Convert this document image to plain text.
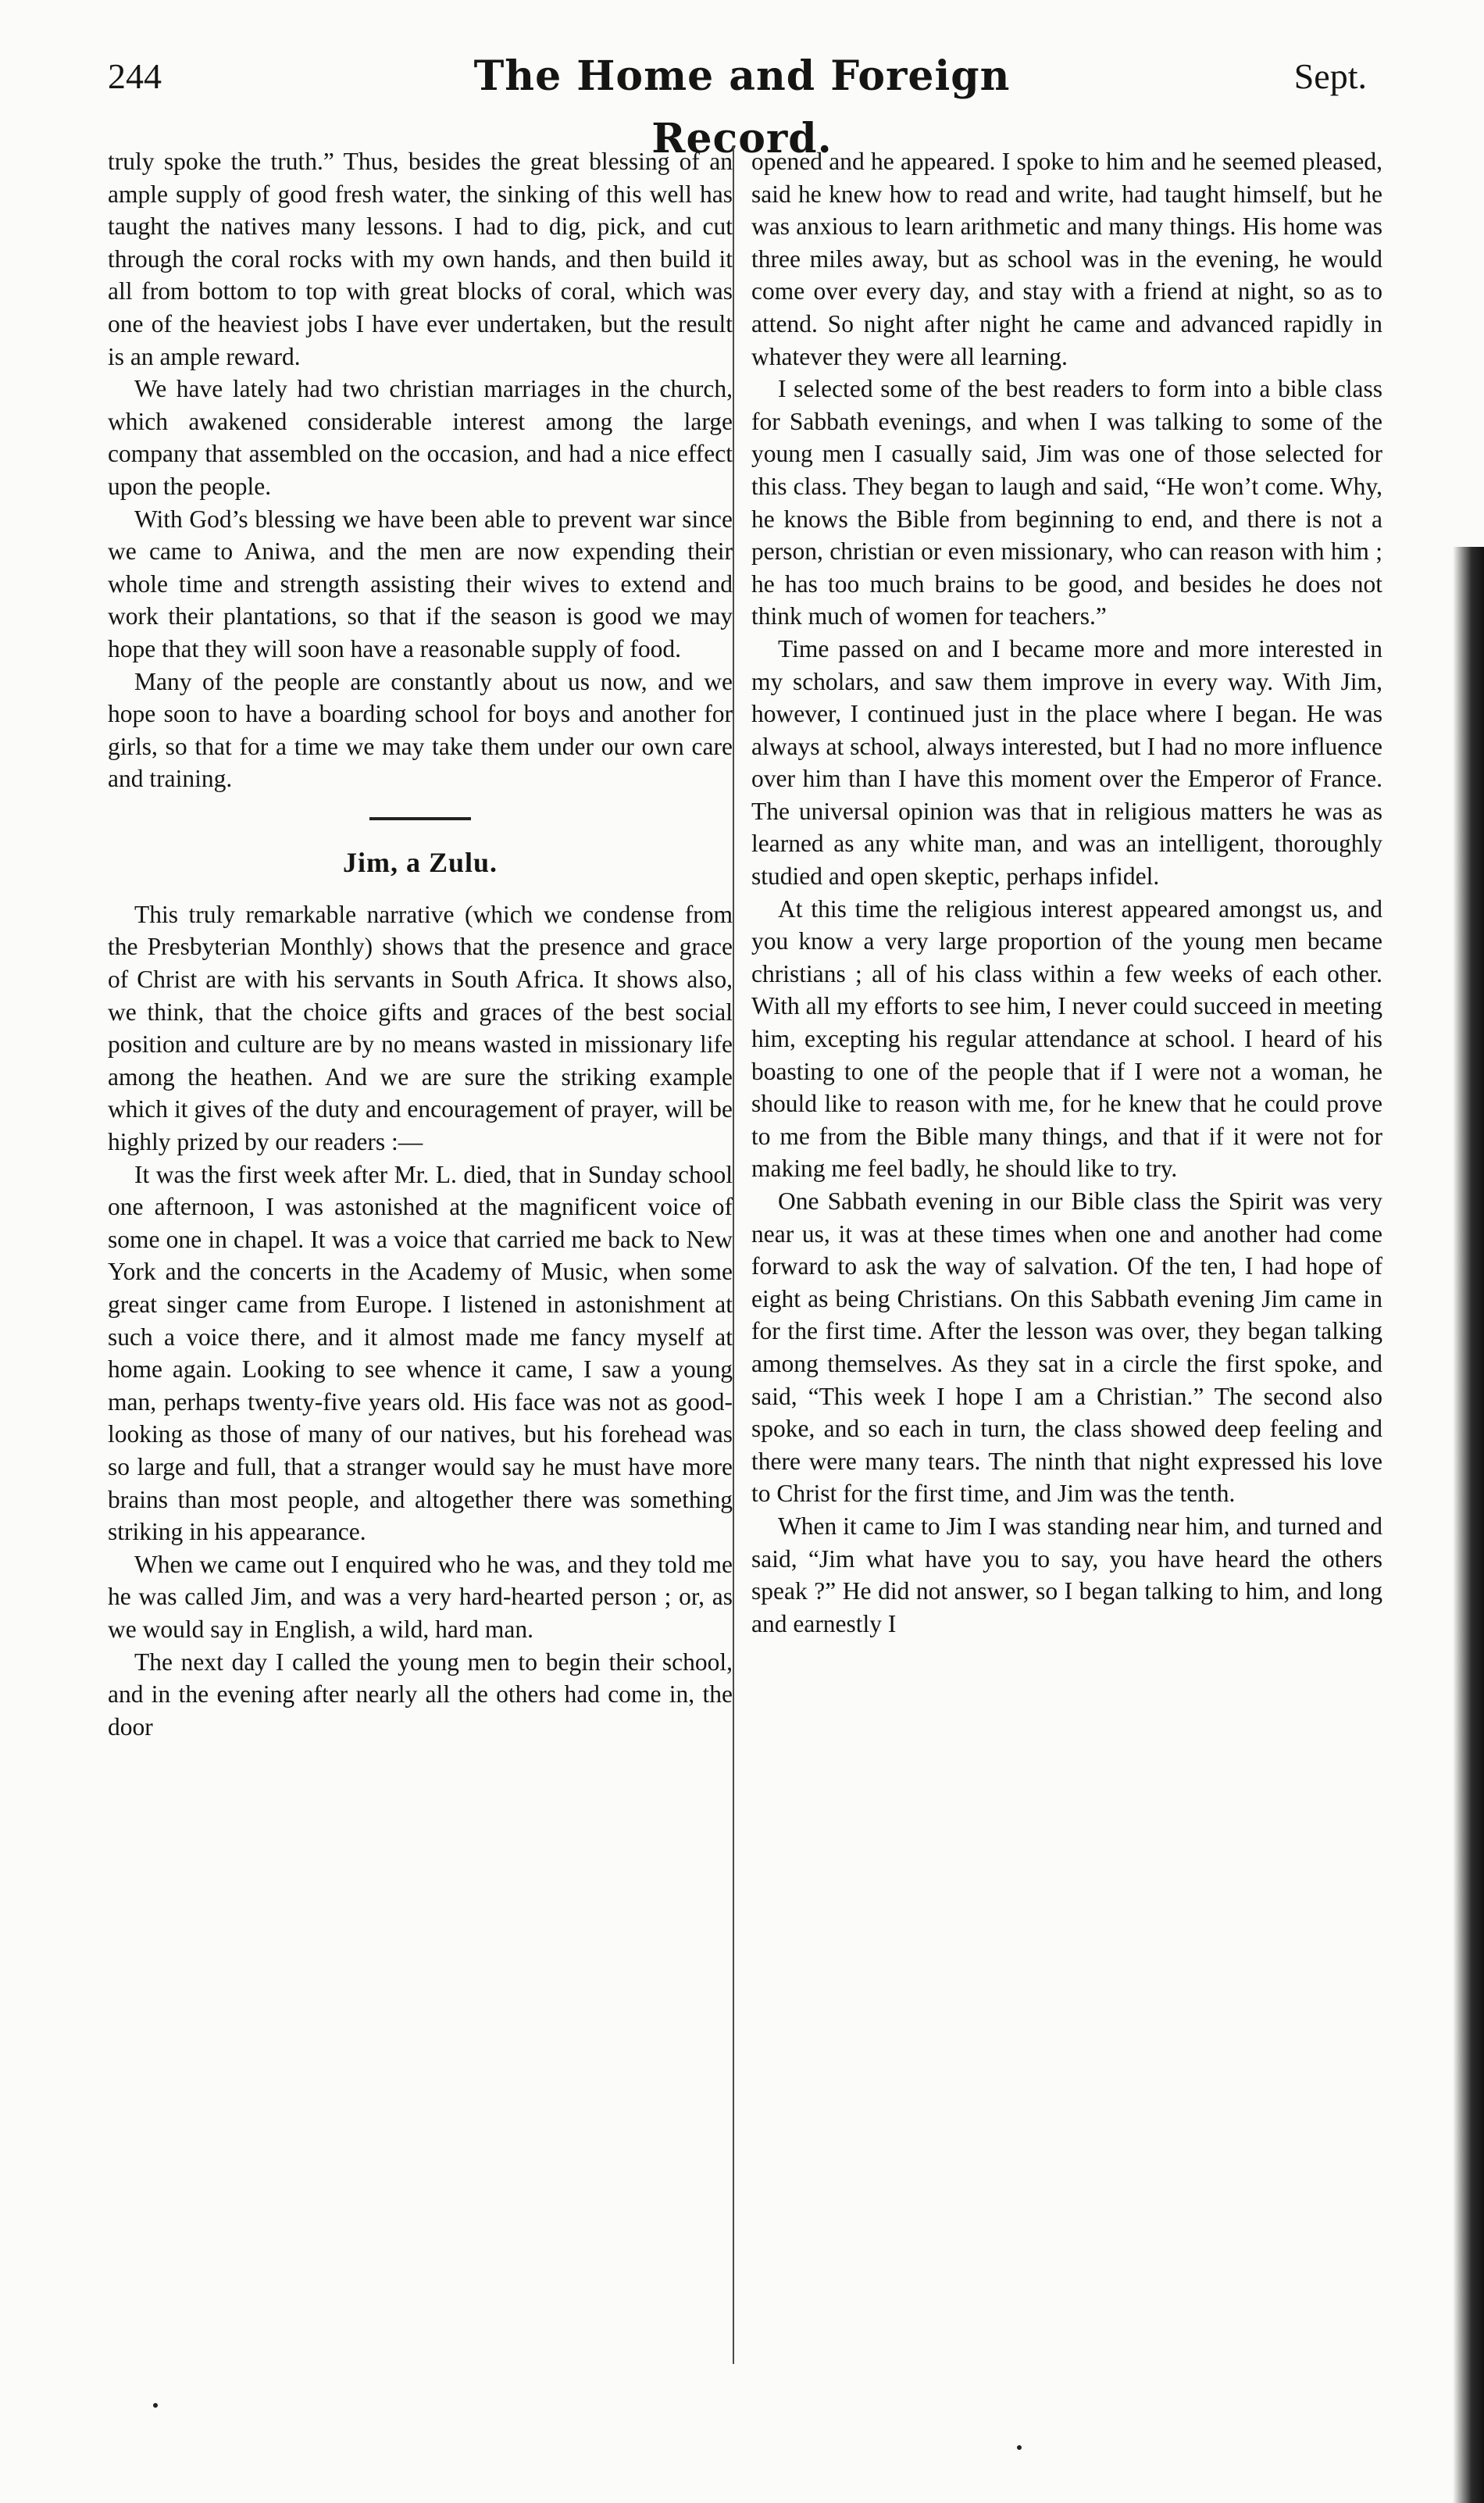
244	The Home and Foreign Record.
Sept.

truly spoke the truth.” Thus, besides the great blessing of an ample supply of good fresh water, the sinking of this well has taught the natives many lessons. I had to dig, pick, and cut through the coral rocks with my own hands, and then build it all from bottom to top with great blocks of coral, which was one of the heaviest jobs I have ever undertaken, but the result is an ample reward.

We have lately had two christian marriages in the church, which awakened considerable interest among the large company that assembled on the occasion, and had a nice effect upon the people.

With God’s blessing we have been able to prevent war since we came to Aniwa, and the men are now expending their whole time and strength assisting their wives to extend and work their plantations, so that if the season is good we may hope that they will soon have a reasonable supply of food.

Many of the people are constantly about us now, and we hope soon to have a boarding school for boys and another for girls, so that for a time we may take them under our own care and training.

Jim, a Zulu.

This truly remarkable narrative (which we condense from the Presbyterian Monthly) shows that the presence and grace of Christ are with his servants in South Africa. It shows also, we think, that the choice gifts and graces of the best social position and culture are by no means wasted in missionary life among the heathen. And we are sure the striking example which it gives of the duty and encouragement of prayer, will be highly prized by our readers :—

It was the first week after Mr. L. died, that in Sunday school one afternoon, I was astonished at the magnificent voice of some one in chapel. It was a voice that carried me back to New York and the concerts in the Academy of Music, when some great singer came from Europe. I listened in astonishment at such a voice there, and it almost made me fancy myself at home again. Looking to see whence it came, I saw a young man, perhaps twenty-five years old. His face was not as good-looking as those of many of our natives, but his forehead was so large and full, that a stranger would say he must have more brains than most people, and altogether there was something striking in his appearance.

When we came out I enquired who he was, and they told me he was called Jim, and was a very hard-hearted person ; or, as we would say in English, a wild, hard man.

The next day I called the young men to begin their school, and in the evening after nearly all the others had come in, the door

opened and he appeared. I spoke to him and he seemed pleased, said he knew how to read and write, had taught himself, but he was anxious to learn arithmetic and many things. His home was three miles away, but as school was in the evening, he would come over every day, and stay with a friend at night, so as to attend. So night after night he came and advanced rapidly in whatever they were all learning.

I selected some of the best readers to form into a bible class for Sabbath evenings, and when I was talking to some of the young men I casually said, Jim was one of those selected for this class. They began to laugh and said, “He won’t come. Why, he knows the Bible from beginning to end, and there is not a person, christian or even missionary, who can reason with him ; he has too much brains to be good, and besides he does not think much of women for teachers.”

Time passed on and I became more and more interested in my scholars, and saw them improve in every way. With Jim, however, I continued just in the place where I began. He was always at school, always interested, but I had no more influence over him than I have this moment over the Emperor of France. The universal opinion was that in religious matters he was as learned as any white man, and was an intelligent, thoroughly studied and open skeptic, perhaps infidel.

At this time the religious interest appeared amongst us, and you know a very large proportion of the young men became christians ; all of his class within a few weeks of each other. With all my efforts to see him, I never could succeed in meeting him, excepting his regular attendance at school. I heard of his boasting to one of the people that if I were not a woman, he should like to reason with me, for he knew that he could prove to me from the Bible many things, and that if it were not for making me feel badly, he should like to try.

One Sabbath evening in our Bible class the Spirit was very near us, it was at these times when one and another had come forward to ask the way of salvation. Of the ten, I had hope of eight as being Christians. On this Sabbath evening Jim came in for the first time. After the lesson was over, they began talking among themselves. As they sat in a circle the first spoke, and said, “This week I hope I am a Christian.” The second also spoke, and so each in turn, the class showed deep feeling and there were many tears. The ninth that night expressed his love to Christ for the first time, and Jim was the tenth.

When it came to Jim I was standing near him, and turned and said, “Jim what have you to say, you have heard the others speak ?” He did not answer, so I began talking to him, and long and earnestly I
